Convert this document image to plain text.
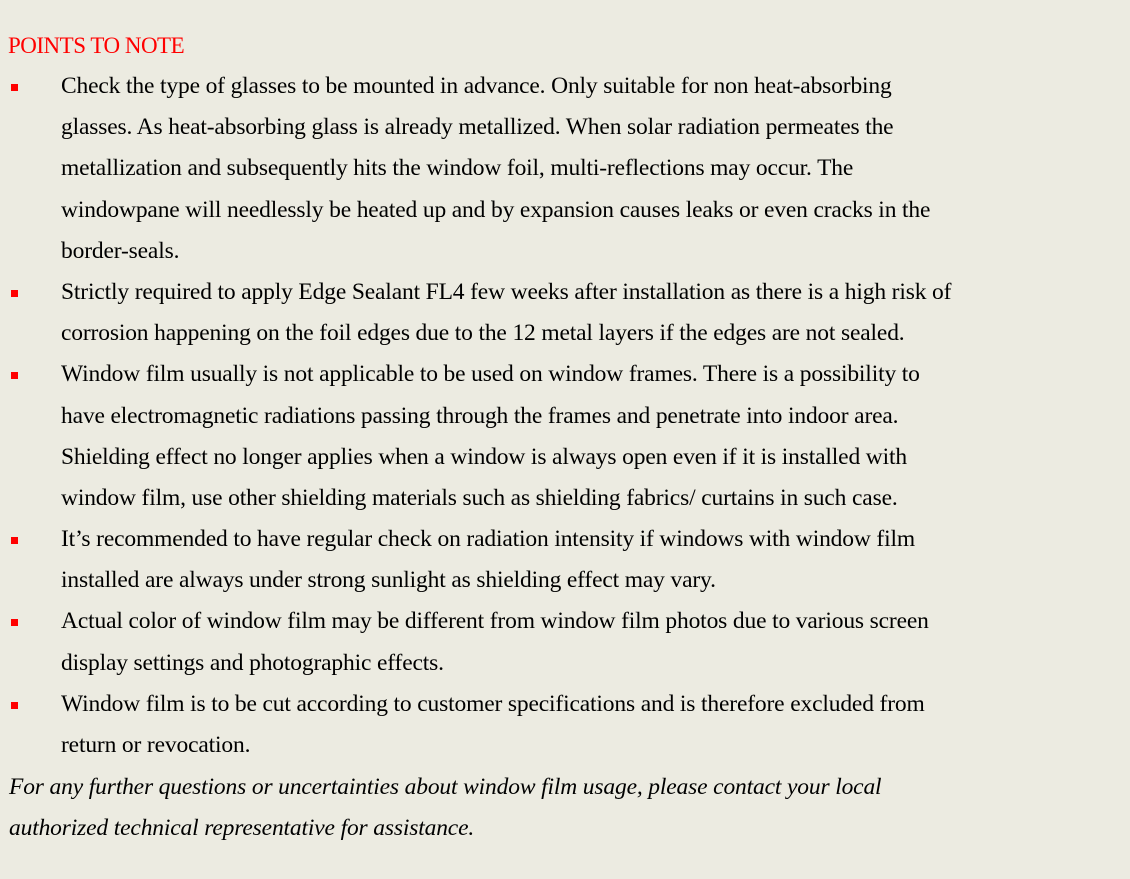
POINTS TO NOTE
Check the type of glasses to be mounted in advance. Only suitable for non heat-absorbing
glasses. As heat-absorbing glass is already metallized. When solar radiation permeates the
metallization and subsequently hits the window foil, multi-reflections may occur. The
windowpane will needlessly be heated up and by expansion causes leaks or even cracks in the
border-seals.
Strictly required to apply Edge Sealant FL4 few weeks after installation as there is a high risk of
corrosion happening on the foil edges due to the 12 metal layers if the edges are not sealed.
Window film usually is not applicable to be used on window frames. There is a possibility to
have electromagnetic radiations passing through the frames and penetrate into indoor area.
Shielding effect no longer applies when a window is always open even if it is installed with
window film, use other shielding materials such as shielding fabrics/ curtains in such case.
It’s recommended to have regular check on radiation intensity if windows with window film
installed are always under strong sunlight as shielding effect may vary.
Actual color of window film may be different from window film photos due to various screen
display settings and photographic effects.
Window film is to be cut according to customer specifications and is therefore excluded from
return or revocation.
For any further questions or uncertainties about window film usage, please contact your local
authorized technical representative for assistance.
